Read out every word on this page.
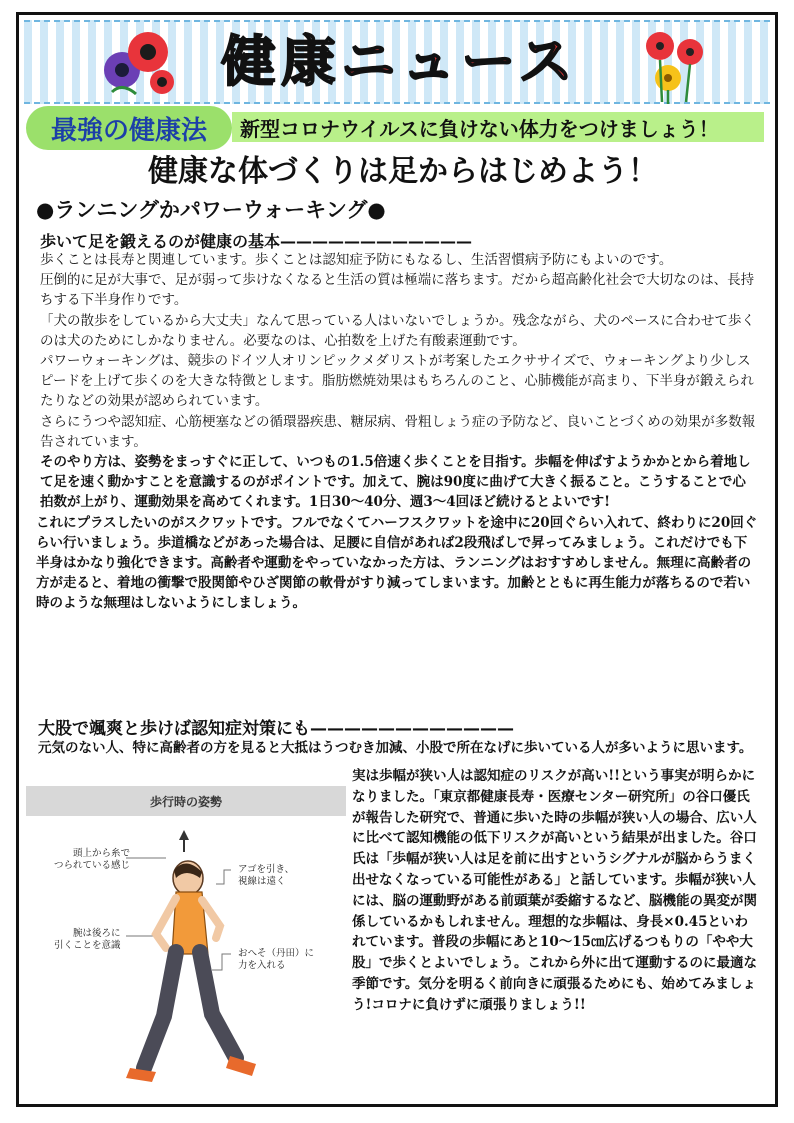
健康 ニュース
最強の健康法	新型コロナウイルスに負けない体力をつけましょう！
健康な体づくりは足からはじめよう！
●ランニングかパワーウォーキング●
歩いて足を鍛えるのが健康の基本————————————

歩くことは長寿と関連しています。歩くことは認知症予防にもなるし、生活習慣病予防にもよいのです。

圧倒的に足が大事で、足が弱って歩けなくなると生活の質は極端に落ちます。だから超高齢化社会で大切なのは、長持ちする下半身作りです。

「犬の散歩をしているから大丈夫」なんて思っている人はいないでしょうか。残念ながら、犬のペースに合わせて歩くのは犬のためにしかなりません。必要なのは、心拍数を上げた有酸素運動です。

パワーウォーキングは、競歩のドイツ人オリンピックメダリストが考案したエクササイズで、ウォーキングより少しスピードを上げて歩くのを大きな特徴とします。脂肪燃焼効果はもちろんのこと、心肺機能が高まり、下半身が鍛えられたりなどの効果が認められています。

さらにうつや認知症、心筋梗塞などの循環器疾患、糖尿病、骨粗しょう症の予防など、良いことづくめの効果が多数報告されています。

そのやり方は、姿勢をまっすぐに正して、いつもの1.5倍速く歩くことを目指す。歩幅を伸ばすようかかとから着地して足を速く動かすことを意識するのがポイントです。加えて、腕は90度に曲げて大きく振ること。こうすることで心拍数が上がり、運動効果を高めてくれます。1日30～40分、週3～4回ほど続けるとよいです!

これにプラスしたいのがスクワットです。フルでなくてハーフスクワットを途中に20回ぐらい入れて、終わりに20回ぐらい行いましょう。歩道橋などがあった場合は、足腰に自信があれば2段飛ばしで昇ってみましょう。これだけでも下半身はかなり強化できます。高齢者や運動をやっていなかった方は、ランニングはおすすめしません。無理に高齢者の方が走ると、着地の衝撃で股関節やひざ関節の軟骨がすり減ってしまいます。加齢とともに再生能力が落ちるので若い時のような無理はしないようにしましょう。

大股で颯爽と歩けば認知症対策にも————————————
元気のない人、特に高齢者の方を見ると大抵はうつむき加減、小股で所在なげに歩いている人が多いように思います。
実は歩幅が狭い人は認知症のリスクが高い!!という事実が明らかになりました。「東京都健康長寿・医療センター研究所」の谷口優氏が報告した研究で、普通に歩いた時の歩幅が狭い人の場合、広い人に比べて認知機能の低下リスクが高いという結果が出ました。谷口氏は「歩幅が狭い人は足を前に出すというシグナルが脳からうまく出せなくなっている可能性がある」と話しています。歩幅が狭い人には、脳の運動野がある前頭葉が委縮するなど、脳機能の異変が関係しているかもしれません。理想的な歩幅は、身長×0.45といわれています。普段の歩幅にあと10～15㎝広げるつもりの「やや大股」で歩くとよいでしょう。これから外に出て運動するのに最適な季節です。気分を明るく前向きに頑張るためにも、始めてみましょう!コロナに負けずに頑張りましょう!!
歩行時の姿勢
頭上から糸で
つられている感じ	アゴを引き、
視線は遠く
腕は後ろに
引くことを意識
おへそ（丹田）に
力を入れる
